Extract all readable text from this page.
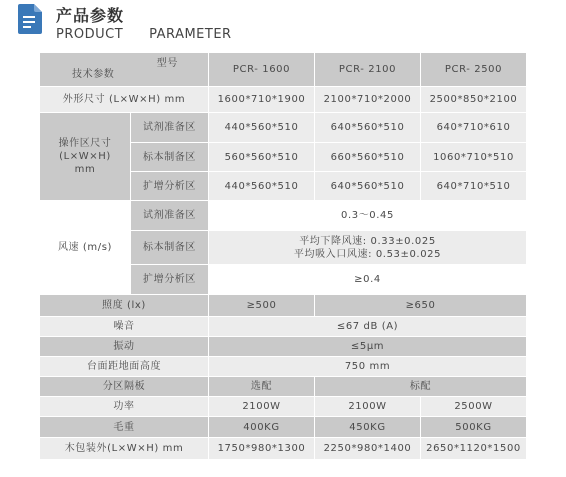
产品参数
PRODUCT PARAMETER
型号
技术参数		PCR- 1600	PCR- 2100	PCR- 2500
外形尺寸 (L×W×H) mm		1600*710*1900	2100*710*2000	2500*850*2100
操作区尺寸
(L×W×H)
mm	试剂准备区	440*560*510	640*560*510	640*710*610
	标本制备区	560*560*510	660*560*510	1060*710*510
	扩增分析区	440*560*510	640*560*510	640*710*510
风速 (m/s)	试剂准备区	0.3～0.45		
	标本制备区	平均下降风速: 0.33±0.025
平均吸入口风速: 0.53±0.025		
	扩增分析区	≥0.4		
照度 (lx)		≥500	≥650	
噪音		≤67 dB (A)		
振动		≤5μm		
台面距地面高度		750 mm		
分区隔板		选配	标配	
功率		2100W	2100W	2500W
毛重		400KG	450KG	500KG
木包装外(L×W×H) mm		1750*980*1300	2250*980*1400	2650*1120*1500
